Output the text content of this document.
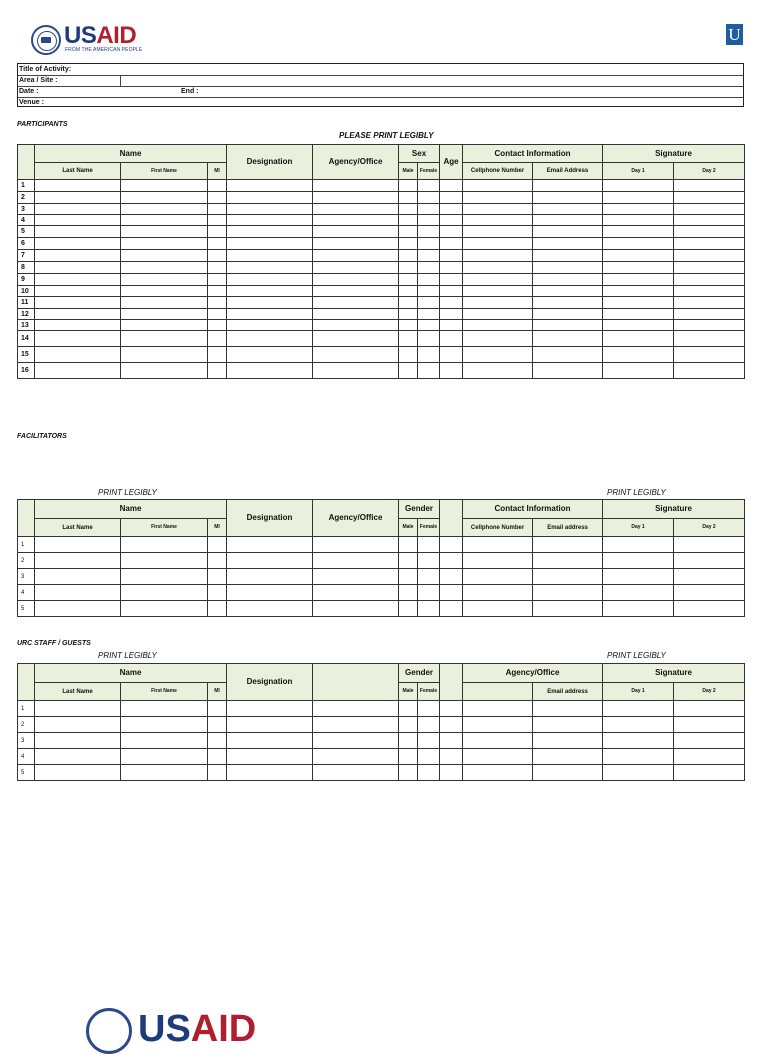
USAID
FROM THE AMERICAN PEOPLE
U
Title of Activity:
Area / Site :
Date :	End :
Venue :
PARTICIPANTS
PLEASE PRINT LEGIBLY
	Name			Designation	Agency/Office	Sex		Age	Contact Information		Signature	
	Last Name	First Name	MI			Male	Female		Cellphone Number	Email Address	Day 1	Day 2
1												
2												
3												
4												
5												
6												
7												
8												
9												
10												
11												
12												
13												
14												
15												
16												
FACILITATORS
PRINT LEGIBLY	PRINT LEGIBLY
	Name			Designation	Agency/Office	Gender			Contact Information		Signature	
	Last Name	First Name	MI			Male	Female		Cellphone Number	Email address	Day 1	Day 2
1												
2												
3												
4												
5												
URC STAFF / GUESTS
PRINT LEGIBLY	PRINT LEGIBLY
	Name			Designation		Gender			Agency/Office		Signature	
	Last Name	First Name	MI			Male	Female			Email address	Day 1	Day 2
1												
2												
3												
4												
5												
USAID
